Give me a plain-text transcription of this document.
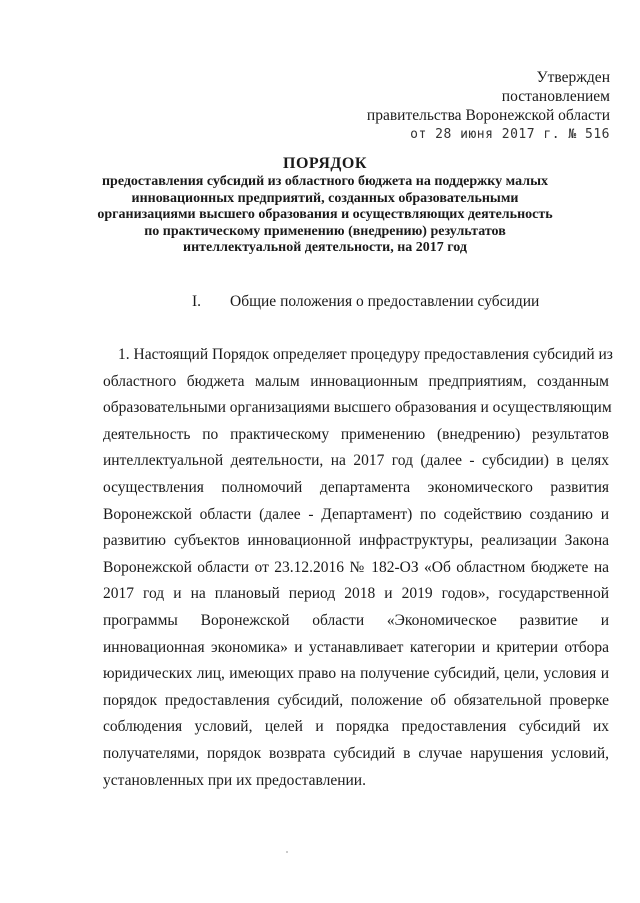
Утвержден
постановлением
правительства Воронежской области
от 28 июня 2017 г. № 516
ПОРЯДОК
предоставления субсидий из областного бюджета на поддержку малых
инновационных предприятий, созданных образовательными
организациями высшего образования и осуществляющих деятельность
по практическому применению (внедрению) результатов
интеллектуальной деятельности, на 2017 год
I. Общие положения о предоставлении субсидии
1. Настоящий Порядок определяет процедуру предоставления субсидий из
областного бюджета малым инновационным предприятиям, созданным
образовательными организациями высшего образования и осуществляющим
деятельность по практическому применению (внедрению) результатов
интеллектуальной деятельности, на 2017 год (далее - субсидии) в целях
осуществления полномочий департамента экономического развития
Воронежской области (далее - Департамент) по содействию созданию и
развитию субъектов инновационной инфраструктуры, реализации Закона
Воронежской области от 23.12.2016 № 182-ОЗ «Об областном бюджете на
2017 год и на плановый период 2018 и 2019 годов», государственной
программы Воронежской области «Экономическое развитие и
инновационная экономика» и устанавливает категории и критерии отбора
юридических лиц, имеющих право на получение субсидий, цели, условия и
порядок предоставления субсидий, положение об обязательной проверке
соблюдения условий, целей и порядка предоставления субсидий их
получателями, порядок возврата субсидий в случае нарушения условий,
установленных при их предоставлении.
